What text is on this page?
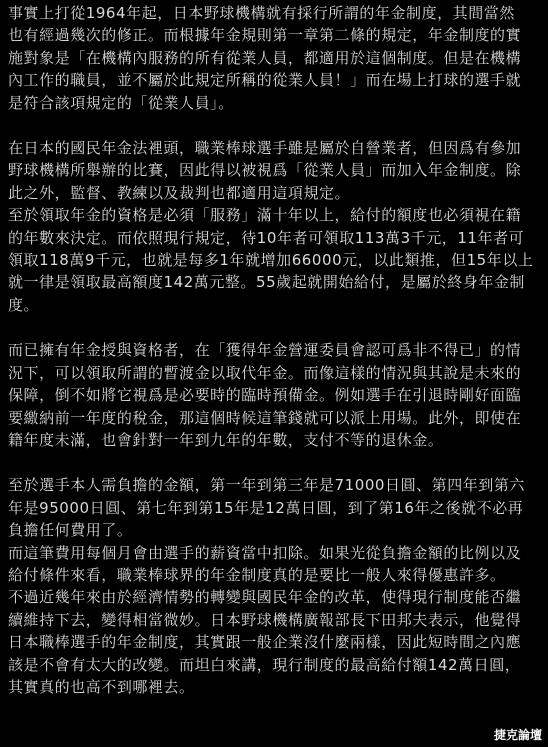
事實上打從1964年起，日本野球機構就有採行所謂的年金制度，其間當然

也有經過幾次的修正。而根據年金規則第一章第二條的規定，年金制度的實

施對象是「在機構內服務的所有從業人員，都適用於這個制度。但是在機構

內工作的職員，並不屬於此規定所稱的從業人員！」而在場上打球的選手就

是符合該項規定的「從業人員」。

在日本的國民年金法裡頭，職業棒球選手雖是屬於自營業者，但因爲有參加

野球機構所舉辦的比賽，因此得以被視爲「從業人員」而加入年金制度。除

此之外，監督、教練以及裁判也都適用這項規定。

至於領取年金的資格是必須「服務」滿十年以上，給付的額度也必須視在籍

的年數來決定。而依照現行規定，待10年者可領取113萬3千元，11年者可

領取118萬9千元，也就是每多1年就增加66000元，以此類推，但15年以上

就一律是領取最高額度142萬元整。55歲起就開始給付，是屬於終身年金制

度。

而已擁有年金授與資格者，在「獲得年金營運委員會認可爲非不得已」的情

況下，可以領取所謂的暫渡金以取代年金。而像這樣的情況與其說是未來的

保障，倒不如將它視爲是必要時的臨時預備金。例如選手在引退時剛好面臨

要繳納前一年度的稅金，那這個時候這筆錢就可以派上用場。此外，即使在

籍年度未滿，也會針對一年到九年的年數，支付不等的退休金。

至於選手本人需負擔的金額，第一年到第三年是71000日圓、第四年到第六

年是95000日圓、第七年到第15年是12萬日圓，到了第16年之後就不必再

負擔任何費用了。

而這筆費用每個月會由選手的薪資當中扣除。如果光從負擔金額的比例以及

給付條件來看，職業棒球界的年金制度真的是要比一般人來得優惠許多。

不過近幾年來由於經濟情勢的轉變與國民年金的改革，使得現行制度能否繼

續維持下去，變得相當微妙。日本野球機構廣報部長下田邦夫表示，他覺得

日本職棒選手的年金制度，其實跟一般企業沒什麼兩樣，因此短時間之內應

該是不會有太大的改變。而坦白來講，現行制度的最高給付額142萬日圓，

其實真的也高不到哪裡去。

捷克論壇
